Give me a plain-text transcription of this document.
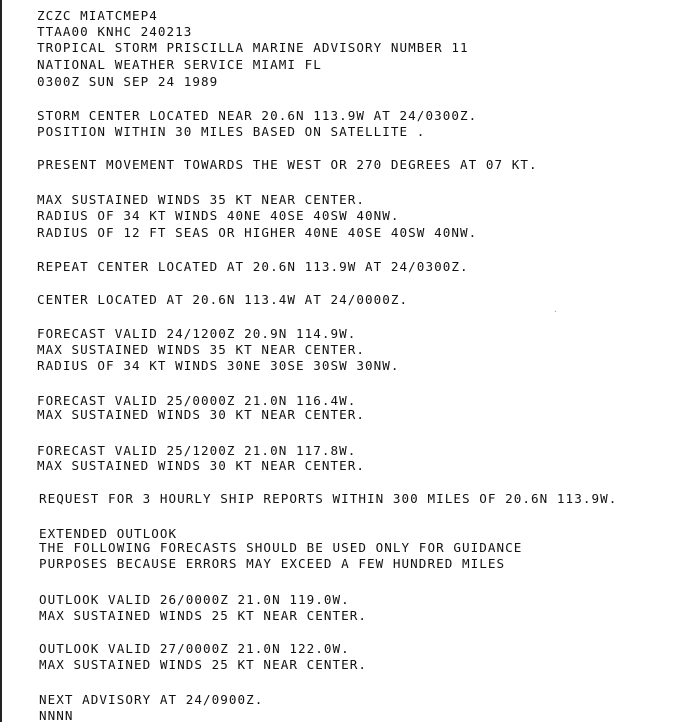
ZCZC MIATCMEP4
TTAA00 KNHC 240213
TROPICAL STORM PRISCILLA MARINE ADVISORY NUMBER 11
NATIONAL WEATHER SERVICE MIAMI FL
0300Z SUN SEP 24 1989
STORM CENTER LOCATED NEAR 20.6N 113.9W AT 24/0300Z.
POSITION WITHIN 30 MILES BASED ON SATELLITE .
PRESENT MOVEMENT TOWARDS THE WEST OR 270 DEGREES AT 07 KT.
MAX SUSTAINED WINDS 35 KT NEAR CENTER.
RADIUS OF 34 KT WINDS 40NE 40SE 40SW 40NW.
RADIUS OF 12 FT SEAS OR HIGHER 40NE 40SE 40SW 40NW.
REPEAT CENTER LOCATED AT 20.6N 113.9W AT 24/0300Z.
CENTER LOCATED AT 20.6N 113.4W AT 24/0000Z.
FORECAST VALID 24/1200Z 20.9N 114.9W.
MAX SUSTAINED WINDS 35 KT NEAR CENTER.
RADIUS OF 34 KT WINDS 30NE 30SE 30SW 30NW.
FORECAST VALID 25/0000Z 21.0N 116.4W.
MAX SUSTAINED WINDS 30 KT NEAR CENTER.
FORECAST VALID 25/1200Z 21.0N 117.8W.
MAX SUSTAINED WINDS 30 KT NEAR CENTER.
REQUEST FOR 3 HOURLY SHIP REPORTS WITHIN 300 MILES OF 20.6N 113.9W.
EXTENDED OUTLOOK
THE FOLLOWING FORECASTS SHOULD BE USED ONLY FOR GUIDANCE
PURPOSES BECAUSE ERRORS MAY EXCEED A FEW HUNDRED MILES
OUTLOOK VALID 26/0000Z 21.0N 119.0W.
MAX SUSTAINED WINDS 25 KT NEAR CENTER.
OUTLOOK VALID 27/0000Z 21.0N 122.0W.
MAX SUSTAINED WINDS 25 KT NEAR CENTER.
NEXT ADVISORY AT 24/0900Z.
NNNN
·
